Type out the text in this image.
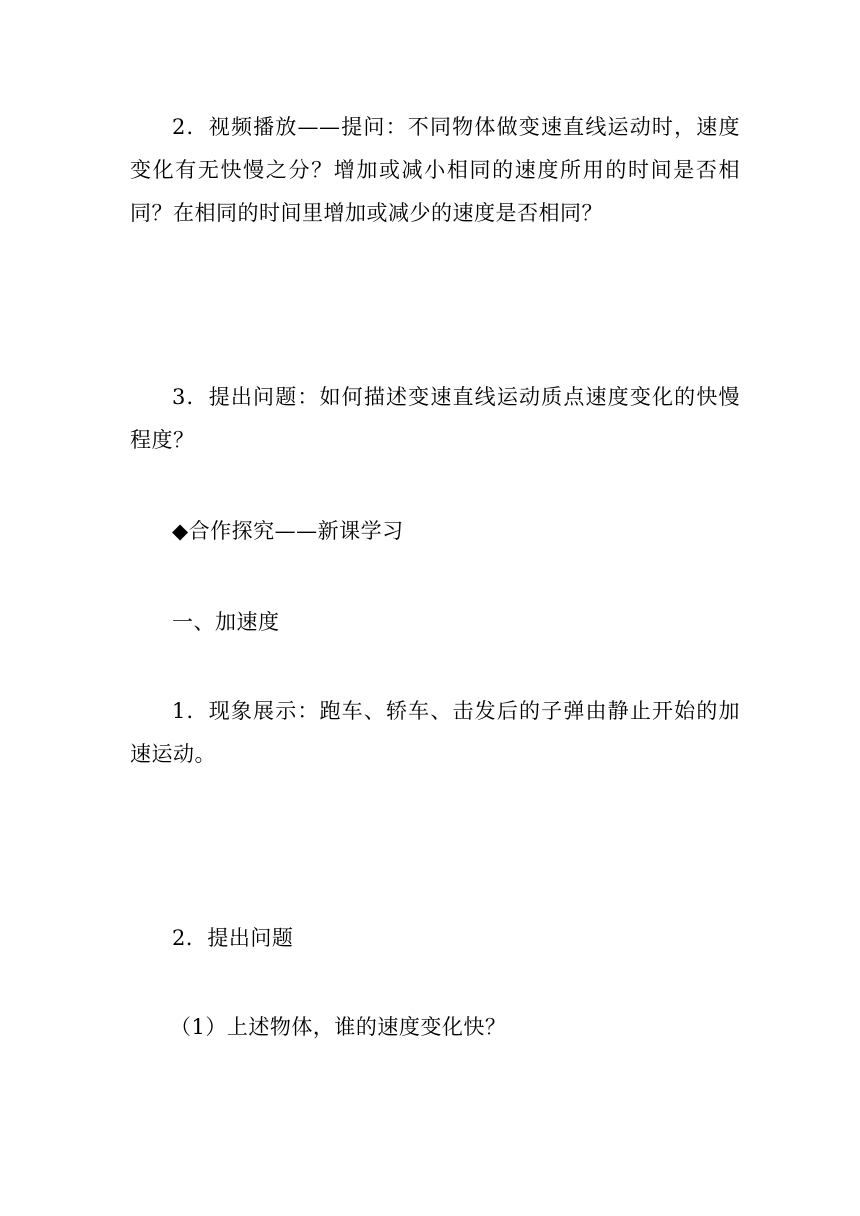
2．视频播放——提问：不同物体做变速直线运动时，速度变化有无快慢之分？增加或减小相同的速度所用的时间是否相同？在相同的时间里增加或减少的速度是否相同？

3．提出问题：如何描述变速直线运动质点速度变化的快慢程度？

◆合作探究——新课学习

一、加速度

1．现象展示：跑车、轿车、击发后的子弹由静止开始的加速运动。

2．提出问题

（1）上述物体，谁的速度变化快？
